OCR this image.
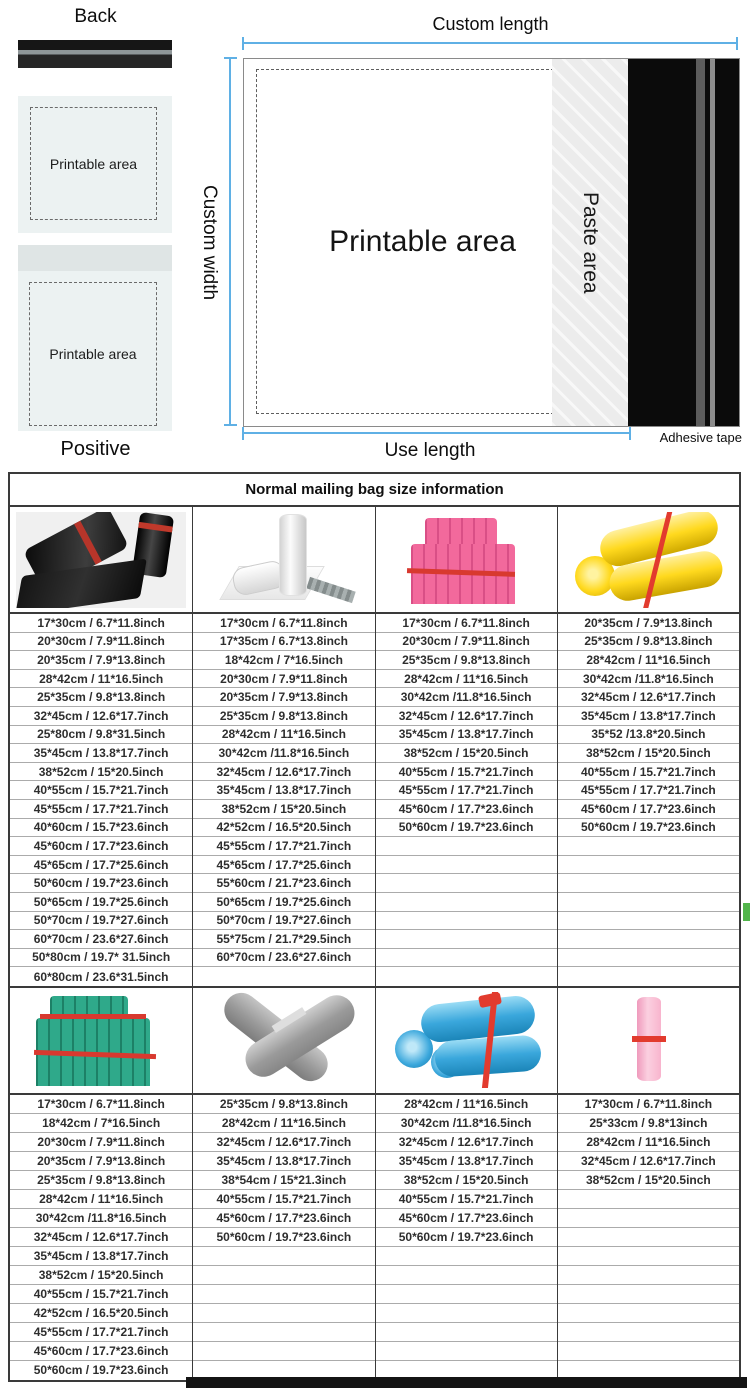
Back
Printable area
Printable area
Positive
Custom length
Custom width	Printable area	Paste area
Use length
Adhesive tape
Normal mailing bag size information
17*30cm / 6.7*11.8inch
20*30cm / 7.9*11.8inch
20*35cm / 7.9*13.8inch
28*42cm / 11*16.5inch
25*35cm / 9.8*13.8inch
32*45cm / 12.6*17.7inch
25*80cm / 9.8*31.5inch
35*45cm / 13.8*17.7inch
38*52cm / 15*20.5inch
40*55cm / 15.7*21.7inch
45*55cm / 17.7*21.7inch
40*60cm / 15.7*23.6inch
45*60cm / 17.7*23.6inch
45*65cm / 17.7*25.6inch
50*60cm / 19.7*23.6inch
50*65cm / 19.7*25.6inch
50*70cm / 19.7*27.6inch
60*70cm / 23.6*27.6inch
50*80cm / 19.7* 31.5inch
60*80cm / 23.6*31.5inch
17*30cm / 6.7*11.8inch
17*35cm / 6.7*13.8inch
18*42cm / 7*16.5inch
20*30cm / 7.9*11.8inch
20*35cm / 7.9*13.8inch
25*35cm / 9.8*13.8inch
28*42cm / 11*16.5inch
30*42cm /11.8*16.5inch
32*45cm / 12.6*17.7inch
35*45cm / 13.8*17.7inch
38*52cm / 15*20.5inch
42*52cm / 16.5*20.5inch
45*55cm / 17.7*21.7inch
45*65cm / 17.7*25.6inch
55*60cm / 21.7*23.6inch
50*65cm / 19.7*25.6inch
50*70cm / 19.7*27.6inch
55*75cm / 21.7*29.5inch
60*70cm / 23.6*27.6inch
17*30cm / 6.7*11.8inch
20*30cm / 7.9*11.8inch
25*35cm / 9.8*13.8inch
28*42cm / 11*16.5inch
30*42cm /11.8*16.5inch
32*45cm / 12.6*17.7inch
35*45cm / 13.8*17.7inch
38*52cm / 15*20.5inch
40*55cm / 15.7*21.7inch
45*55cm / 17.7*21.7inch
45*60cm / 17.7*23.6inch
50*60cm / 19.7*23.6inch
20*35cm / 7.9*13.8inch
25*35cm / 9.8*13.8inch
28*42cm / 11*16.5inch
30*42cm /11.8*16.5inch
32*45cm / 12.6*17.7inch
35*45cm / 13.8*17.7inch
35*52 /13.8*20.5inch
38*52cm / 15*20.5inch
40*55cm / 15.7*21.7inch
45*55cm / 17.7*21.7inch
45*60cm / 17.7*23.6inch
50*60cm / 19.7*23.6inch
17*30cm / 6.7*11.8inch
18*42cm / 7*16.5inch
20*30cm / 7.9*11.8inch
20*35cm / 7.9*13.8inch
25*35cm / 9.8*13.8inch
28*42cm / 11*16.5inch
30*42cm /11.8*16.5inch
32*45cm / 12.6*17.7inch
35*45cm / 13.8*17.7inch
38*52cm / 15*20.5inch
40*55cm / 15.7*21.7inch
42*52cm / 16.5*20.5inch
45*55cm / 17.7*21.7inch
45*60cm / 17.7*23.6inch
50*60cm / 19.7*23.6inch
25*35cm / 9.8*13.8inch
28*42cm / 11*16.5inch
32*45cm / 12.6*17.7inch
35*45cm / 13.8*17.7inch
38*54cm / 15*21.3inch
40*55cm / 15.7*21.7inch
45*60cm / 17.7*23.6inch
50*60cm / 19.7*23.6inch
28*42cm / 11*16.5inch
30*42cm /11.8*16.5inch
32*45cm / 12.6*17.7inch
35*45cm / 13.8*17.7inch
38*52cm / 15*20.5inch
40*55cm / 15.7*21.7inch
45*60cm / 17.7*23.6inch
50*60cm / 19.7*23.6inch
17*30cm / 6.7*11.8inch
25*33cm / 9.8*13inch
28*42cm / 11*16.5inch
32*45cm / 12.6*17.7inch
38*52cm / 15*20.5inch
